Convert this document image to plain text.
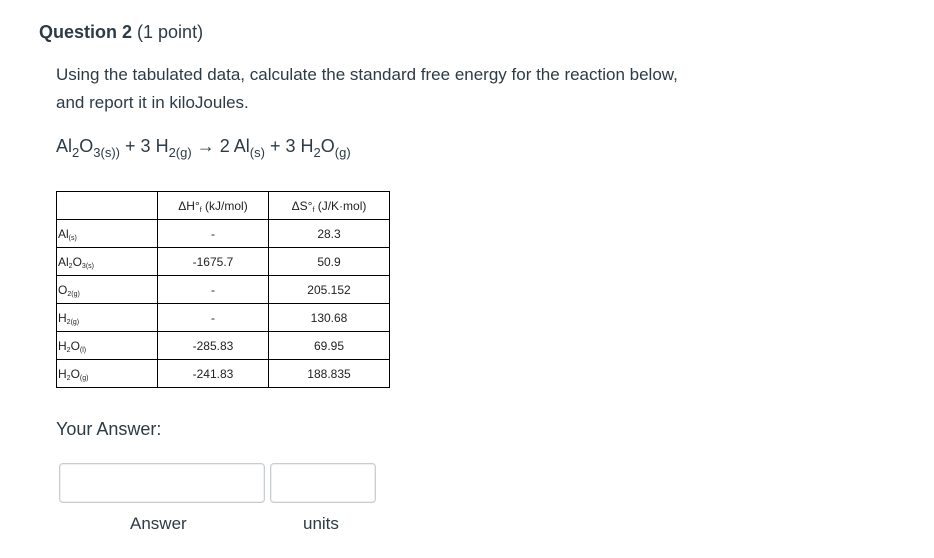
Question 2 (1 point)
Using the tabulated data, calculate the standard free energy for the reaction below,
and report it in kiloJoules.
$Al_2O_{3(s))} + 3$ $H_{2(g)} \to 2$ $Al_{(s)} + 3$ $H_2O_{(g)}$
	$\Delta H^\circ_f$ (kJ/mol)	$\Delta S^\circ_f$ (J/K·mol)
$Al_{(s)}$	-	28.3
$Al_2O_{3(s)}$	-1675.7	50.9
$O_{2(g)}$	-	205.152
$H_{2(g)}$	-	130.68
$H_2O_{(l)}$	-285.83	69.95
$H_2O_{(g)}$	-241.83	188.835
Your Answer:
Answer	units
